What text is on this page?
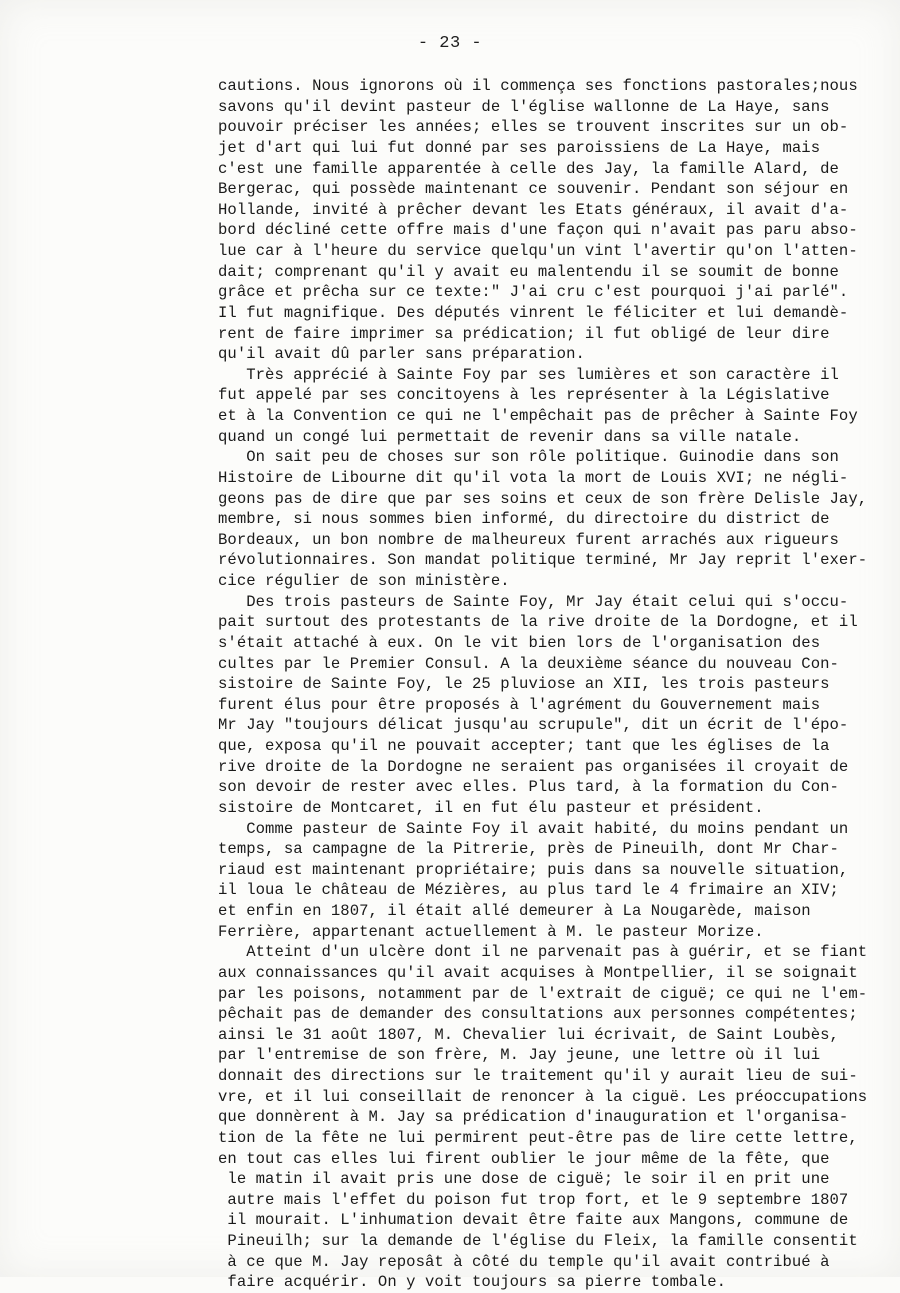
- 23 -
cautions. Nous ignorons où il commença ses fonctions pastorales;nous
savons qu'il devint pasteur de l'église wallonne de La Haye, sans
pouvoir préciser les années; elles se trouvent inscrites sur un ob-
jet d'art qui lui fut donné par ses paroissiens de La Haye, mais
c'est une famille apparentée à celle des Jay, la famille Alard, de
Bergerac, qui possède maintenant ce souvenir. Pendant son séjour en
Hollande, invité à prêcher devant les Etats généraux, il avait d'a-
bord décliné cette offre mais d'une façon qui n'avait pas paru abso-
lue car à l'heure du service quelqu'un vint l'avertir qu'on l'atten-
dait; comprenant qu'il y avait eu malentendu il se soumit de bonne
grâce et prêcha sur ce texte:" J'ai cru c'est pourquoi j'ai parlé".
Il fut magnifique. Des députés vinrent le féliciter et lui demandè-
rent de faire imprimer sa prédication; il fut obligé de leur dire
qu'il avait dû parler sans préparation.
Très apprécié à Sainte Foy par ses lumières et son caractère il
fut appelé par ses concitoyens à les représenter à la Législative
et à la Convention ce qui ne l'empêchait pas de prêcher à Sainte Foy
quand un congé lui permettait de revenir dans sa ville natale.
On sait peu de choses sur son rôle politique. Guinodie dans son
Histoire de Libourne dit qu'il vota la mort de Louis XVI; ne négli-
geons pas de dire que par ses soins et ceux de son frère Delisle Jay,
membre, si nous sommes bien informé, du directoire du district de
Bordeaux, un bon nombre de malheureux furent arrachés aux rigueurs
révolutionnaires. Son mandat politique terminé, Mr Jay reprit l'exer-
cice régulier de son ministère.
Des trois pasteurs de Sainte Foy, Mr Jay était celui qui s'occu-
pait surtout des protestants de la rive droite de la Dordogne, et il
s'était attaché à eux. On le vit bien lors de l'organisation des
cultes par le Premier Consul. A la deuxième séance du nouveau Con-
sistoire de Sainte Foy, le 25 pluviose an XII, les trois pasteurs
furent élus pour être proposés à l'agrément du Gouvernement mais
Mr Jay "toujours délicat jusqu'au scrupule", dit un écrit de l'épo-
que, exposa qu'il ne pouvait accepter; tant que les églises de la
rive droite de la Dordogne ne seraient pas organisées il croyait de
son devoir de rester avec elles. Plus tard, à la formation du Con-
sistoire de Montcaret, il en fut élu pasteur et président.
Comme pasteur de Sainte Foy il avait habité, du moins pendant un
temps, sa campagne de la Pitrerie, près de Pineuilh, dont Mr Char-
riaud est maintenant propriétaire; puis dans sa nouvelle situation,
il loua le château de Mézières, au plus tard le 4 frimaire an XIV;
et enfin en 1807, il était allé demeurer à La Nougarède, maison
Ferrière, appartenant actuellement à M. le pasteur Morize.
Atteint d'un ulcère dont il ne parvenait pas à guérir, et se fiant
aux connaissances qu'il avait acquises à Montpellier, il se soignait
par les poisons, notamment par de l'extrait de ciguë; ce qui ne l'em-
pêchait pas de demander des consultations aux personnes compétentes;
ainsi le 31 août 1807, M. Chevalier lui écrivait, de Saint Loubès,
par l'entremise de son frère, M. Jay jeune, une lettre où il lui
donnait des directions sur le traitement qu'il y aurait lieu de sui-
vre, et il lui conseillait de renoncer à la ciguë. Les préoccupations
que donnèrent à M. Jay sa prédication d'inauguration et l'organisa-
tion de la fête ne lui permirent peut-être pas de lire cette lettre,
en tout cas elles lui firent oublier le jour même de la fête, que
le matin il avait pris une dose de ciguë; le soir il en prit une
autre mais l'effet du poison fut trop fort, et le 9 septembre 1807
il mourait. L'inhumation devait être faite aux Mangons, commune de
Pineuilh; sur la demande de l'église du Fleix, la famille consentit
à ce que M. Jay reposât à côté du temple qu'il avait contribué à
faire acquérir. On y voit toujours sa pierre tombale.
